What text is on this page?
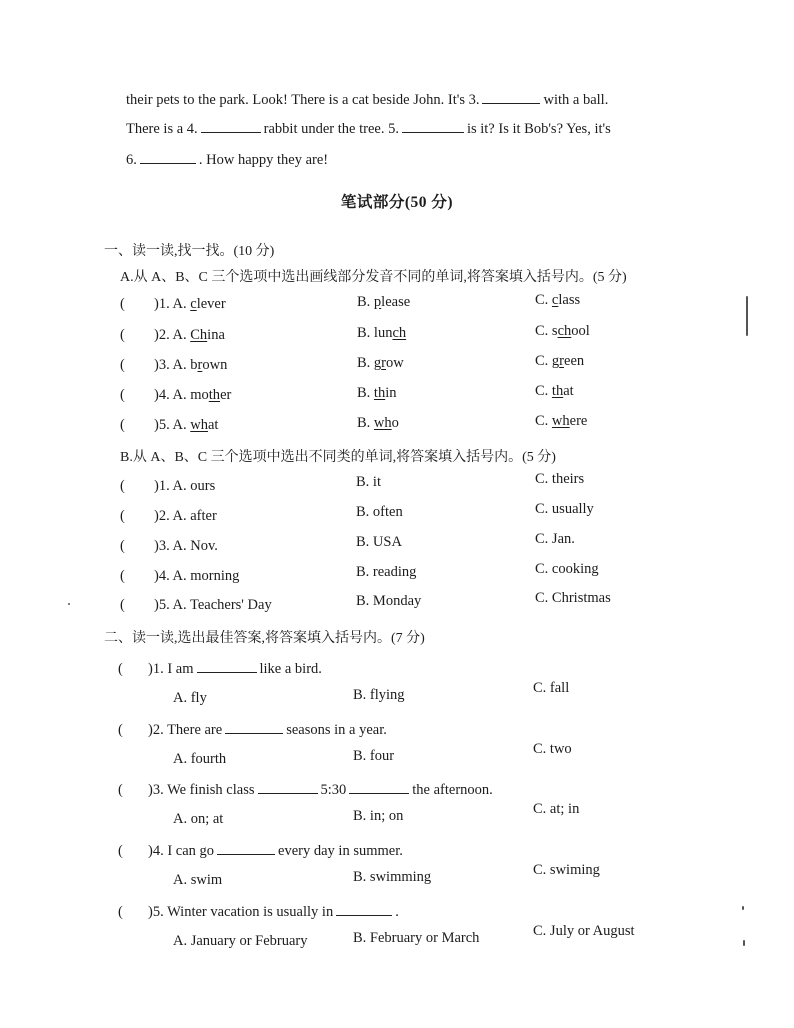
their pets to the park. Look! There is a cat beside John. It's 3.	with a ball.
There is a 4.	rabbit under the tree. 5.	is it? Is it Bob's? Yes, it's
6.	. How happy they are!
笔试部分(50 分)
一、读一读,找一找。(10 分)
A.从 A、B、C 三个选项中选出画线部分发音不同的单词,将答案填入括号内。(5 分)
( )1. A. clever	B. please	C. class
( )2. A. China	B. lunch	C. school
( )3. A. brown	B. grow	C. green
( )4. A. mother	B. thin	C. that
( )5. A. what	B. who	C. where
B.从 A、B、C 三个选项中选出不同类的单词,将答案填入括号内。(5 分)
( )1. A. ours	B. it	C. theirs
( )2. A. after	B. often	C. usually
( )3. A. Nov.	B. USA	C. Jan.
( )4. A. morning	B. reading	C. cooking
( )5. A. Teachers' Day	B. Monday	C. Christmas
二、读一读,选出最佳答案,将答案填入括号内。(7 分)
( )1. I am	like a bird.
A. fly	B. flying	C. fall
( )2. There are	seasons in a year.
A. fourth	B. four	C. two
( )3. We finish class	5:30	the afternoon.
A. on; at	B. in; on	C. at; in
( )4. I can go	every day in summer.
A. swim	B. swimming	C. swiming
( )5. Winter vacation is usually in	.
A. January or February	B. February or March	C. July or August
